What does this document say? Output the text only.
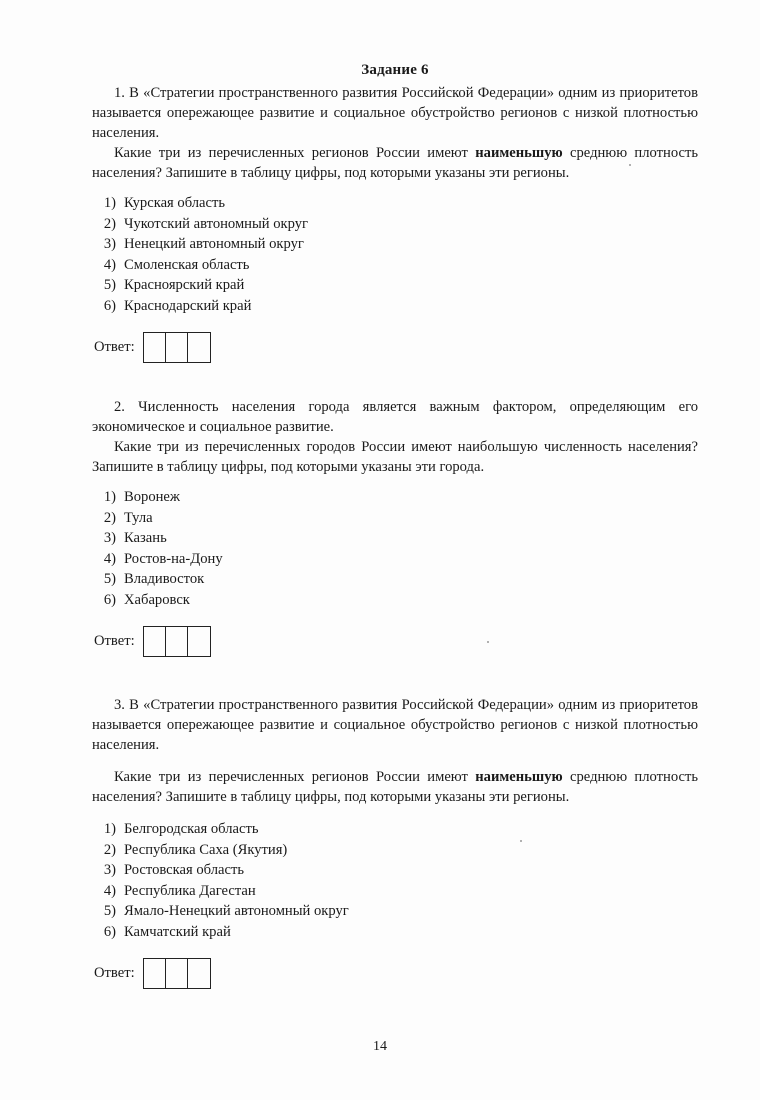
Задание 6

1. В «Стратегии пространственного развития Российской Федерации» одним из приоритетов называется опережающее развитие и социальное обустройство регионов с низкой плотностью населения.

Какие три из перечисленных регионов России имеют наименьшую среднюю плотность населения? Запишите в таблицу цифры, под которыми указаны эти регионы.

1) Курская область
2) Чукотский автономный округ
3) Ненецкий автономный округ
4) Смоленская область
5) Красноярский край
6) Краснодарский край
Ответ:

2. Численность населения города является важным фактором, определяющим его экономическое и социальное развитие.

Какие три из перечисленных городов России имеют наибольшую численность населения? Запишите в таблицу цифры, под которыми указаны эти города.

1) Воронеж
2) Тула
3) Казань
4) Ростов-на-Дону
5) Владивосток
6) Хабаровск
Ответ:

3. В «Стратегии пространственного развития Российской Федерации» одним из приоритетов называется опережающее развитие и социальное обустройство регионов с низкой плотностью населения.

Какие три из перечисленных регионов России имеют наименьшую среднюю плотность населения? Запишите в таблицу цифры, под которыми указаны эти регионы.

1) Белгородская область
2) Республика Саха (Якутия)
3) Ростовская область
4) Республика Дагестан
5) Ямало-Ненецкий автономный округ
6) Камчатский край
Ответ:
14
